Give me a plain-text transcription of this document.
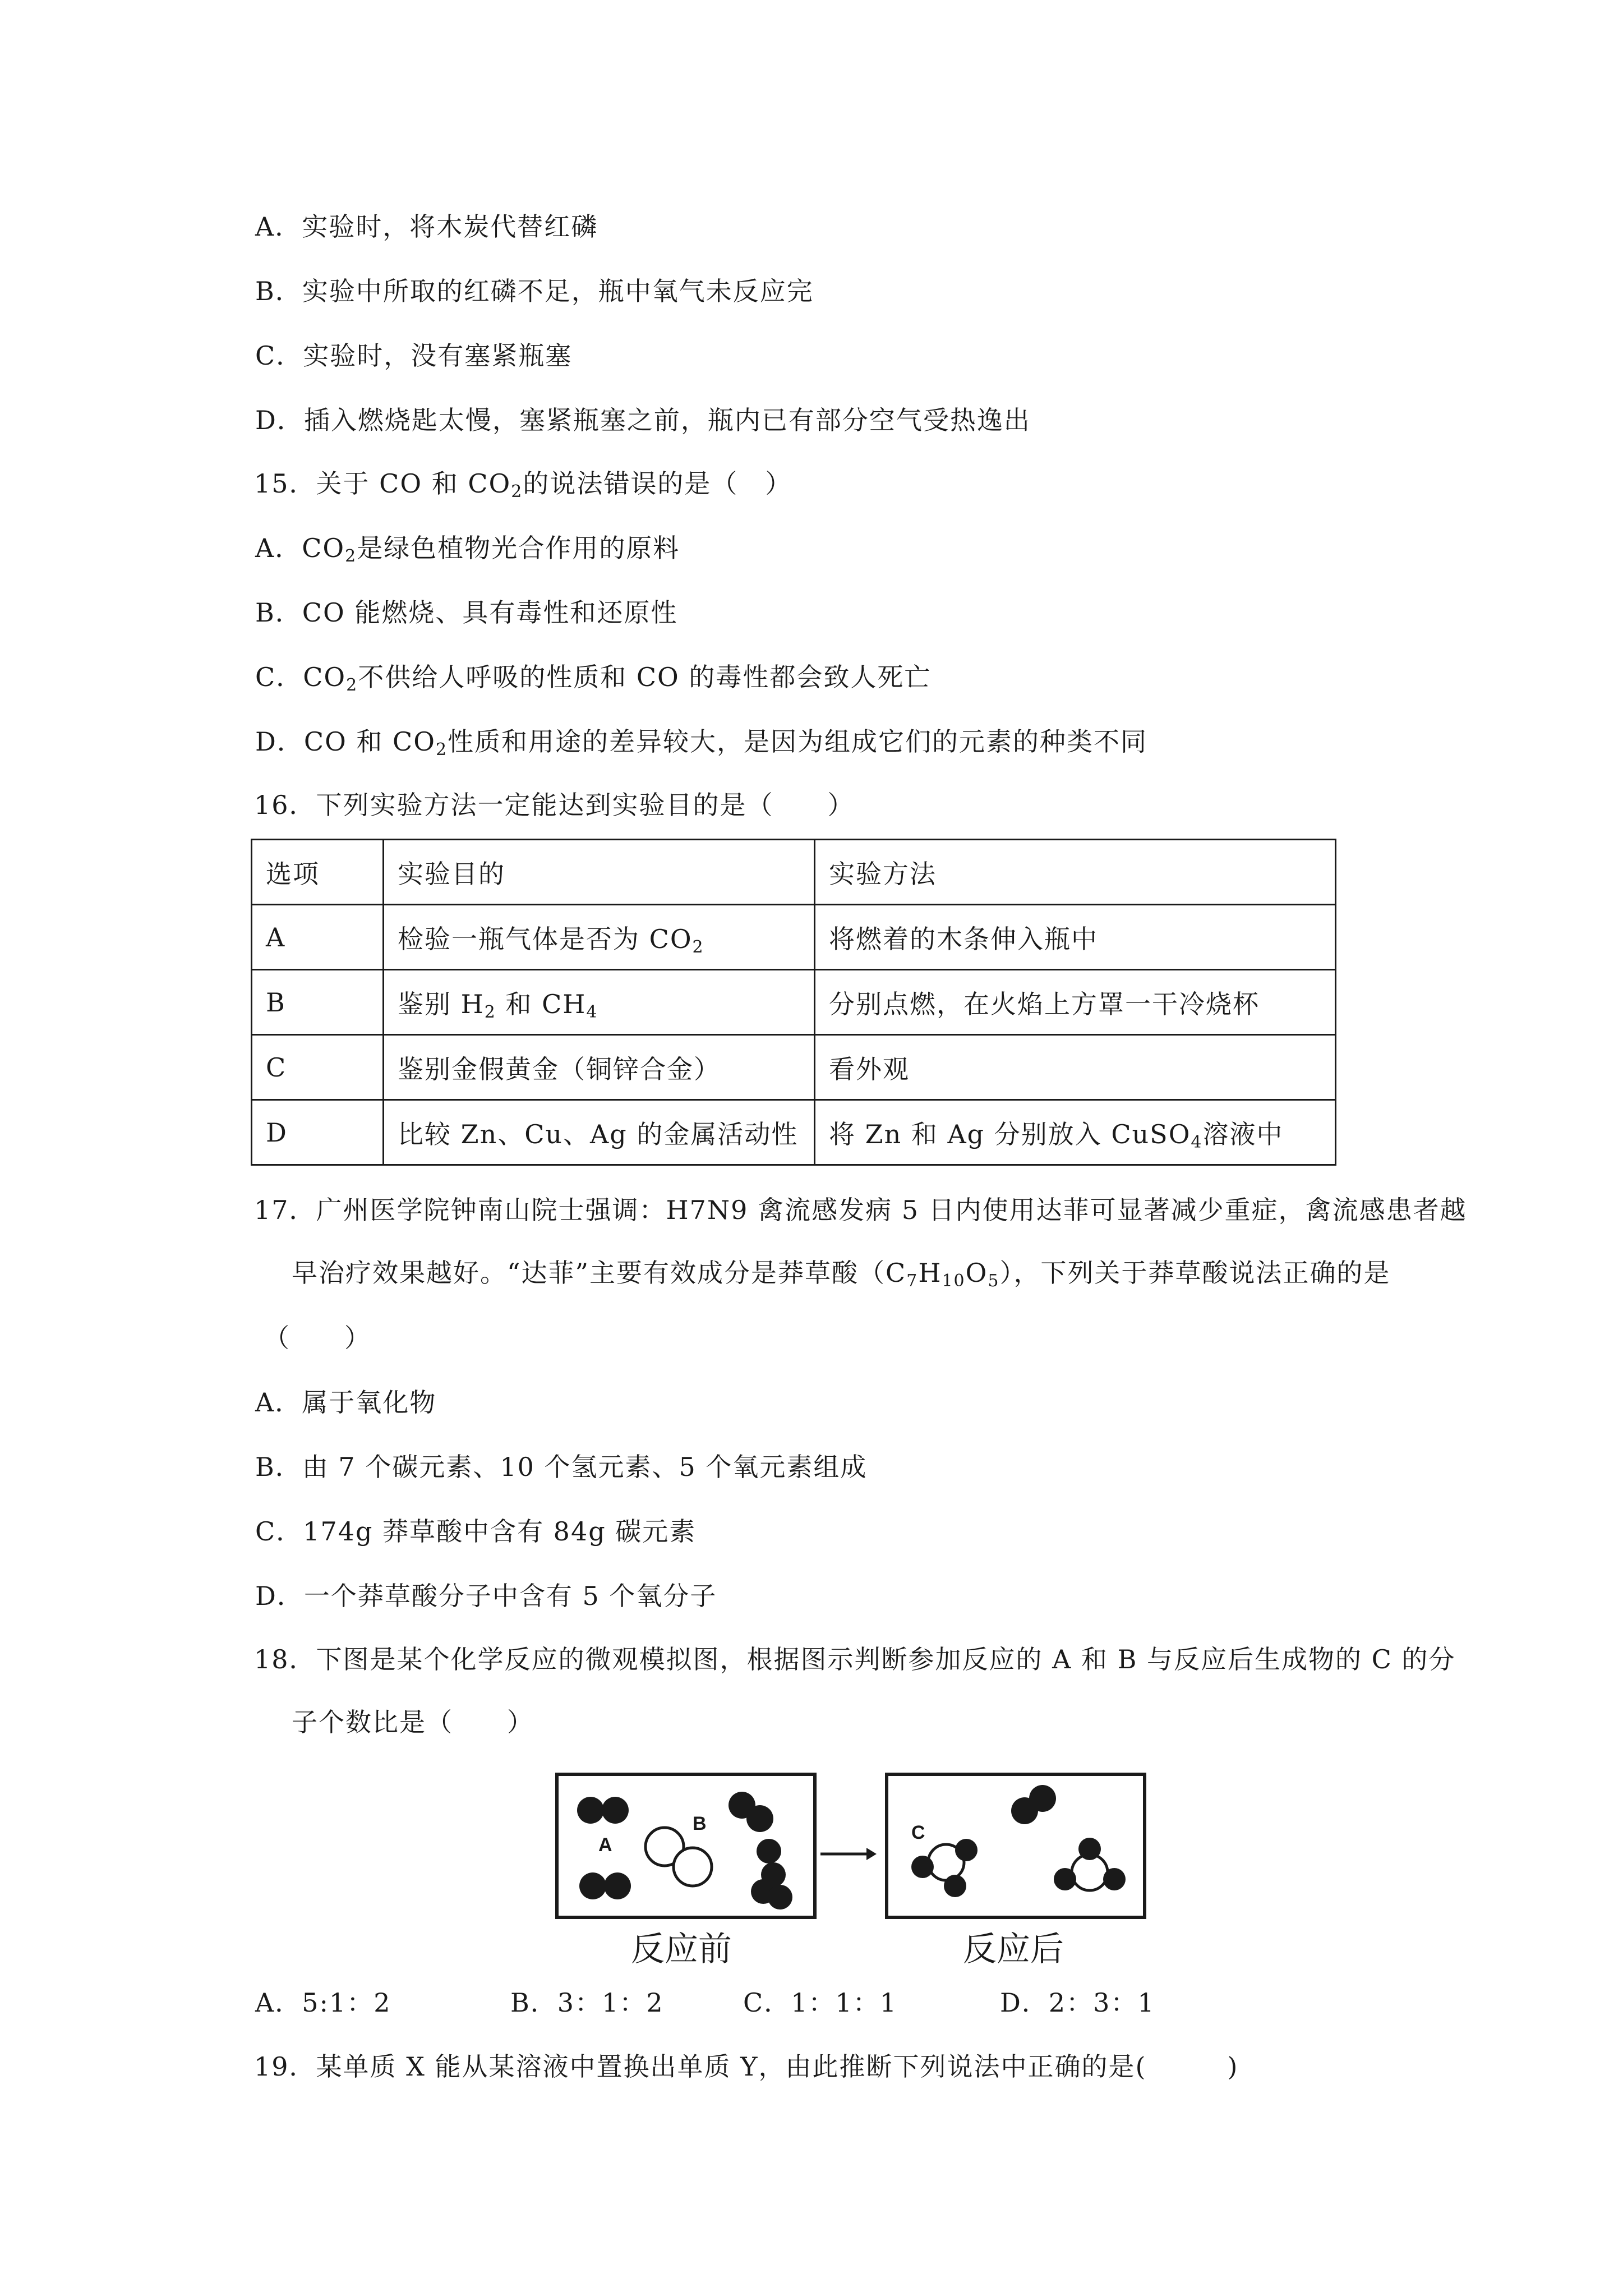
A．实验时，将木炭代替红磷
B．实验中所取的红磷不足，瓶中氧气未反应完
C．实验时，没有塞紧瓶塞
D．插入燃烧匙太慢，塞紧瓶塞之前，瓶内已有部分空气受热逸出
15．关于 CO 和 $CO_2$的说法错误的是（　）
A．$CO_2$是绿色植物光合作用的原料
B．CO 能燃烧、具有毒性和还原性
C．$CO_2$不供给人呼吸的性质和 CO 的毒性都会致人死亡
D．CO 和 $CO_2$性质和用途的差异较大，是因为组成它们的元素的种类不同
16．下列实验方法一定能达到实验目的是（　　）
选项	实验目的	实验方法
A	检验一瓶气体是否为 $CO_2$	将燃着的木条伸入瓶中
B	鉴别 $H_2$ 和 $CH_4$	分别点燃，在火焰上方罩一干冷烧杯
C	鉴别金假黄金（铜锌合金）	看外观
D	比较 Zn、Cu、Ag 的金属活动性	将 Zn 和 Ag 分别放入 CuSO$_4$溶液中
17．广州医学院钟南山院士强调：H7N9 禽流感发病 5 日内使用达菲可显著减少重症，禽流感患者越
早治疗效果越好。“达菲”主要有效成分是莽草酸$(C_7H_{10}O_5)$，下列关于莽草酸说法正确的是
（　　）
A．属于氧化物
B．由 7 个碳元素、10 个氢元素、5 个氧元素组成
C．174g 莽草酸中含有 84g 碳元素
D．一个莽草酸分子中含有 5 个氧分子
18．下图是某个化学反应的微观模拟图，根据图示判断参加反应的 A 和 B 与反应后生成物的 C 的分
子个数比是（　　）
A
B
反应前
C
反应后
A．5:1：2	B．3：1：2	C．1：1：1	D．2：3：1
19．某单质 X 能从某溶液中置换出单质 Y，由此推断下列说法中正确的是(　　　)
